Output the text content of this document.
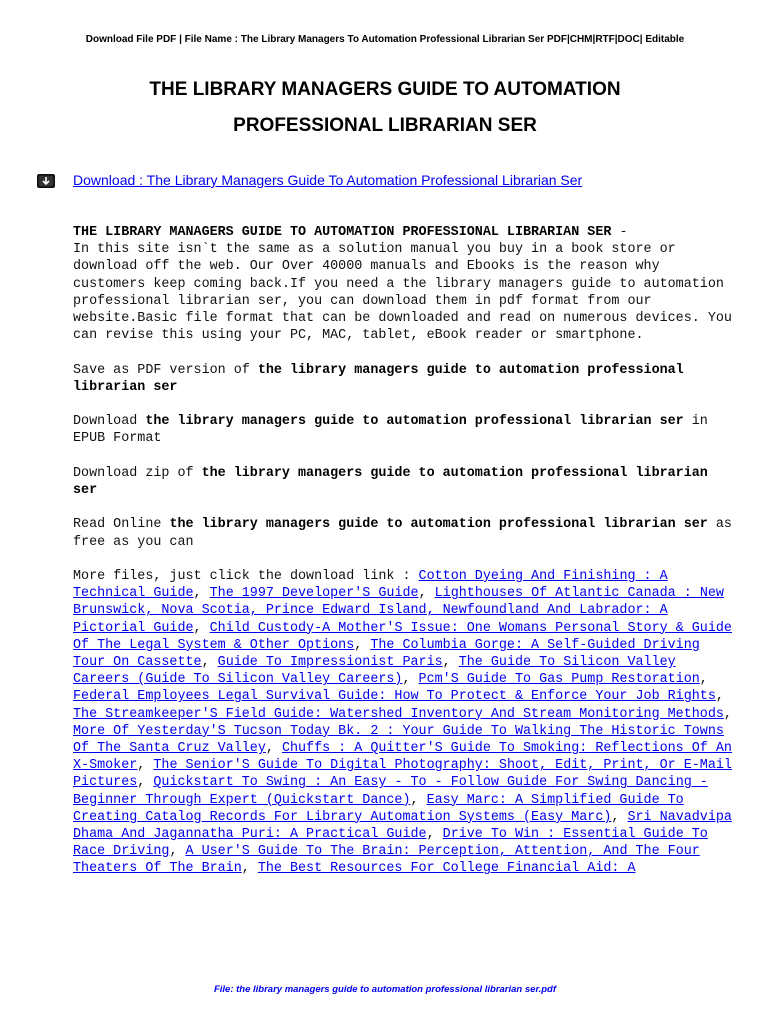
Download File PDF | File Name : The Library Managers To Automation Professional Librarian Ser PDF|CHM|RTF|DOC| Editable
THE LIBRARY MANAGERS GUIDE TO AUTOMATION
PROFESSIONAL LIBRARIAN SER
Download : The Library Managers Guide To Automation Professional Librarian Ser

THE LIBRARY MANAGERS GUIDE TO AUTOMATION PROFESSIONAL LIBRARIAN SER -
In this site isn`t the same as a solution manual you buy in a book store or download off the web. Our Over 40000 manuals and Ebooks is the reason why customers keep coming back.If you need a the library managers guide to automation professional librarian ser, you can download them in pdf format from our website.Basic file format that can be downloaded and read on numerous devices. You can revise this using your PC, MAC, tablet, eBook reader or smartphone.

Save as PDF version of the library managers guide to automation professional librarian ser

Download the library managers guide to automation professional librarian ser in EPUB Format

Download zip of the library managers guide to automation professional librarian ser

Read Online the library managers guide to automation professional librarian ser as free as you can

More files, just click the download link : Cotton Dyeing And Finishing : A Technical Guide, The 1997 Developer'S Guide, Lighthouses Of Atlantic Canada : New Brunswick, Nova Scotia, Prince Edward Island, Newfoundland And Labrador: A Pictorial Guide, Child Custody-A Mother'S Issue: One Womans Personal Story & Guide Of The Legal System & Other Options, The Columbia Gorge: A Self-Guided Driving Tour On Cassette, Guide To Impressionist Paris, The Guide To Silicon Valley Careers (Guide To Silicon Valley Careers), Pcm'S Guide To Gas Pump Restoration, Federal Employees Legal Survival Guide: How To Protect & Enforce Your Job Rights, The Streamkeeper'S Field Guide: Watershed Inventory And Stream Monitoring Methods, More Of Yesterday'S Tucson Today Bk. 2 : Your Guide To Walking The Historic Towns Of The Santa Cruz Valley, Chuffs : A Quitter'S Guide To Smoking: Reflections Of An X-Smoker, The Senior'S Guide To Digital Photography: Shoot, Edit, Print, Or E-Mail Pictures, Quickstart To Swing : An Easy - To - Follow Guide For Swing Dancing - Beginner Through Expert (Quickstart Dance), Easy Marc: A Simplified Guide To Creating Catalog Records For Library Automation Systems (Easy Marc), Sri Navadvipa Dhama And Jagannatha Puri: A Practical Guide, Drive To Win : Essential Guide To Race Driving, A User'S Guide To The Brain: Perception, Attention, And The Four Theaters Of The Brain, The Best Resources For College Financial Aid: A

File: the library managers guide to automation professional librarian ser.pdf
